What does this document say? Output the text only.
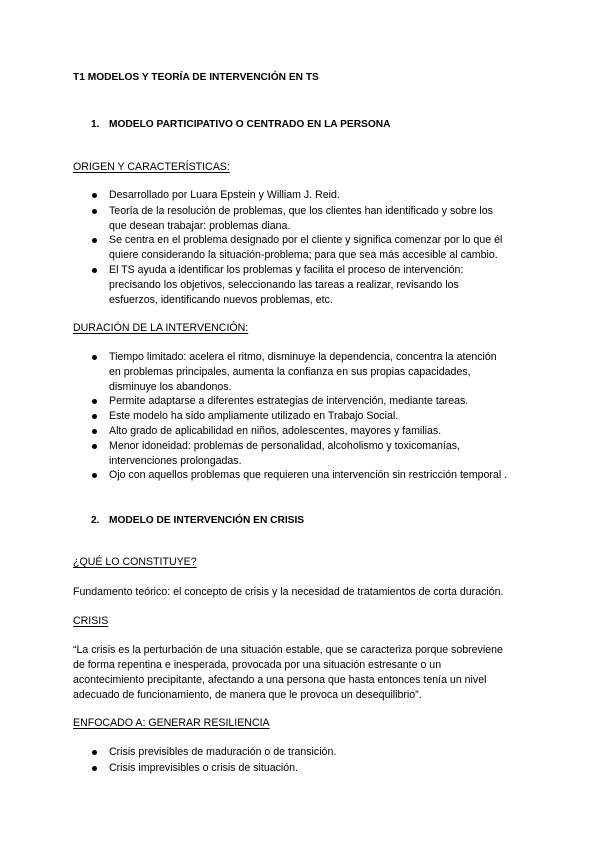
T1 MODELOS Y TEORÍA DE INTERVENCIÓN EN TS
1. MODELO PARTICIPATIVO O CENTRADO EN LA PERSONA
ORIGEN Y CARACTERÍSTICAS:
Desarrollado por Luara Epstein y William J. Reid.
Teoría de la resolución de problemas, que los clientes han identificado y sobre los
que desean trabajar: problemas diana.
Se centra en el problema designado por el cliente y significa comenzar por lo que él
quiere considerando la situación-problema; para que sea más accesible al cambio.
El TS ayuda a identificar los problemas y facilita el proceso de intervención:
precisando los objetivos, seleccionando las tareas a realizar, revisando los
esfuerzos, identificando nuevos problemas, etc.
DURACIÓN DE LA INTERVENCIÓN:
Tiempo limitado: acelera el ritmo, disminuye la dependencia, concentra la atención
en problemas principales, aumenta la confianza en sus propias capacidades,
disminuye los abandonos.
Permite adaptarse a diferentes estrategias de intervención, mediante tareas.
Este modelo ha sido ampliamente utilizado en Trabajo Social.
Alto grado de aplicabilidad en niños, adolescentes, mayores y familias.
Menor idoneidad: problemas de personalidad, alcoholismo y toxicomanías,
intervenciones prolongadas.
Ojo con aquellos problemas que requieren una intervención sin restricción temporal .
2. MODELO DE INTERVENCIÓN EN CRISIS
¿QUÉ LO CONSTITUYE?
Fundamento teórico: el concepto de crisis y la necesidad de tratamientos de corta duración.
CRISIS
“La crisis es la perturbación de una situación estable, que se caracteriza porque sobreviene
de forma repentina e inesperada, provocada por una situación estresante o un
acontecimiento precipitante, afectando a una persona que hasta entonces tenía un nivel
adecuado de funcionamiento, de manera que le provoca un desequilibrio”.
ENFOCADO A: GENERAR RESILIENCIA
Crisis previsibles de maduración o de transición.
Crisis imprevisibles o crisis de situación.
